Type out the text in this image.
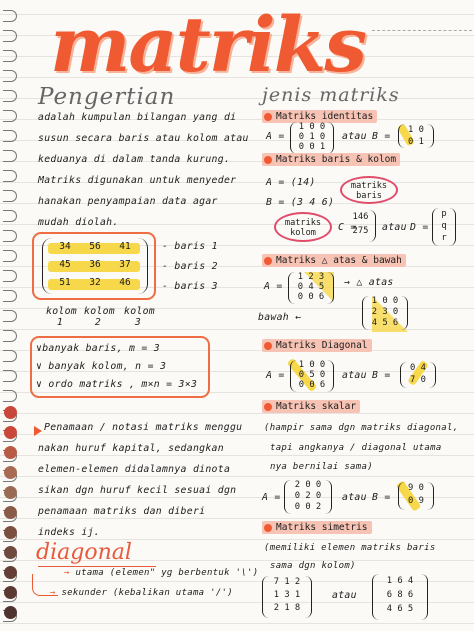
matriks
Pengertian	jenis matriks
adalah kumpulan bilangan yang di
susun secara baris atau kolom atau
keduanya di dalam tanda kurung.
Matriks digunakan untuk menyeder
hanakan penyampaian data agar
mudah diolah.
34 56 41
45 36 37
51 32 46
- baris 1
- baris 2
- baris 3
kolom 1
kolom 2
kolom 3
∨banyak baris, m = 3
∨ banyak kolom, n = 3
∨ ordo matriks , m×n = 3×3
Penamaan / notasi matriks menggu
nakan huruf kapital, sedangkan
elemen-elemen didalamnya dinota
sikan dgn huruf kecil sesuai dgn
penamaan matriks dan diberi
indeks ij.
diagonal
→ utama (elemen" yg berbentuk '\')
→ sekunder (kebalikan utama '/')
Matriks identitas
A =
1 0 0
0 1 0
0 0 1
atau B =
1 0
0 1
Matriks baris & kolom
A = (14)
B = (3 4 6)
matriks baris
matriks kolom	C =
146
275	atau D =
p
q
r
Matriks △ atas & bawah
A =
1 2 3
0 4 5
0 0 6
→ △ atas
1 0 0
2 3 0
4 5 6
bawah ←
Matriks Diagonal
A =
1 0 0
0 5 0
0 0 6
atau B =
0 4
7 0
Matriks skalar
(hampir sama dgn matriks diagonal,
tapi angkanya / diagonal utama
nya bernilai sama)
A =
2 0 0
0 2 0
0 0 2
atau B =
9 0
0 9
Matriks simetris
(memiliki elemen matriks baris
sama dgn kolom)
7 1 2
1 3 1
2 1 8
atau
1 6 4
6 8 6
4 6 5
